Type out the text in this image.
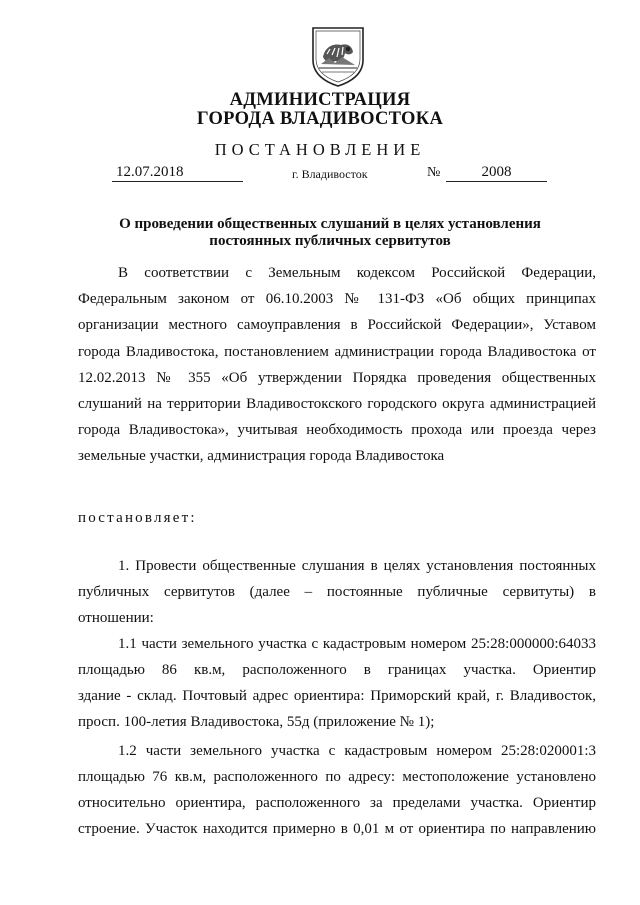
АДМИНИСТРАЦИЯ
ГОРОДА ВЛАДИВОСТОКА
ПОСТАНОВЛЕНИЕ
12.07.2018	г. Владивосток	№	2008
О проведении общественных слушаний в целях установления
постоянных публичных сервитутов
В соответствии с Земельным кодексом Российской Федерации,
Федеральным законом от 06.10.2003 № 131-ФЗ «Об общих принципах
организации местного самоуправления в Российской Федерации», Уставом
города Владивостока, постановлением администрации города Владивостока от
12.02.2013 № 355 «Об утверждении Порядка проведения общественных
слушаний на территории Владивостокского городского округа администрацией
города Владивостока», учитывая необходимость прохода или проезда через
земельные участки, администрация города Владивостока
постановляет:
1. Провести общественные слушания в целях установления постоянных
публичных сервитутов (далее – постоянные публичные сервитуты) в
отношении:
1.1 части земельного участка с кадастровым номером 25:28:000000:64033
площадью 86 кв.м, расположенного в границах участка. Ориентир
здание - склад. Почтовый адрес ориентира: Приморский край, г. Владивосток,
просп. 100-летия Владивостока, 55д (приложение № 1);
1.2 части земельного участка с кадастровым номером 25:28:020001:3
площадью 76 кв.м, расположенного по адресу: местоположение установлено
относительно ориентира, расположенного за пределами участка. Ориентир
строение. Участок находится примерно в 0,01 м от ориентира по направлению
